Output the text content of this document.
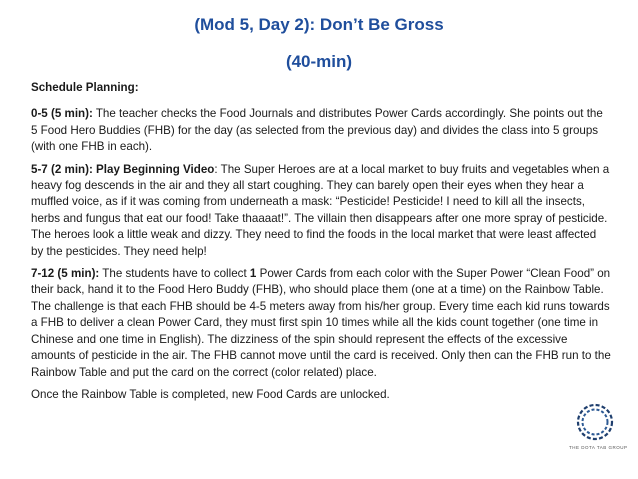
(Mod 5, Day 2): Don’t Be Gross
(40-min)

Schedule Planning:

0-5 (5 min): The teacher checks the Food Journals and distributes Power Cards accordingly. She points out the 5 Food Hero Buddies (FHB) for the day (as selected from the previous day) and divides the class into 5 groups (with one FHB in each).

5-7 (2 min): Play Beginning Video: The Super Heroes are at a local market to buy fruits and vegetables when a heavy fog descends in the air and they all start coughing. They can barely open their eyes when they hear a muffled voice, as if it was coming from underneath a mask: “Pesticide! Pesticide! I need to kill all the insects, herbs and fungus that eat our food! Take thaaaat!”. The villain then disappears after one more spray of pesticide. The heroes look a little weak and dizzy. They need to find the foods in the local market that were least affected by the pesticides. They need help!

7-12 (5 min): The students have to collect 1 Power Cards from each color with the Super Power “Clean Food” on their back, hand it to the Food Hero Buddy (FHB), who should place them (one at a time) on the Rainbow Table. The challenge is that each FHB should be 4-5 meters away from his/her group. Every time each kid runs towards a FHB to deliver a clean Power Card, they must first spin 10 times while all the kids count together (one time in Chinese and one time in English). The dizziness of the spin should represent the effects of the excessive amounts of pesticide in the air. The FHB cannot move until the card is received. Only then can the FHB run to the Rainbow Table and put the card on the correct (color related) place.

Once the Rainbow Table is completed, new Food Cards are unlocked.

THE DOTA TAB GROUP
